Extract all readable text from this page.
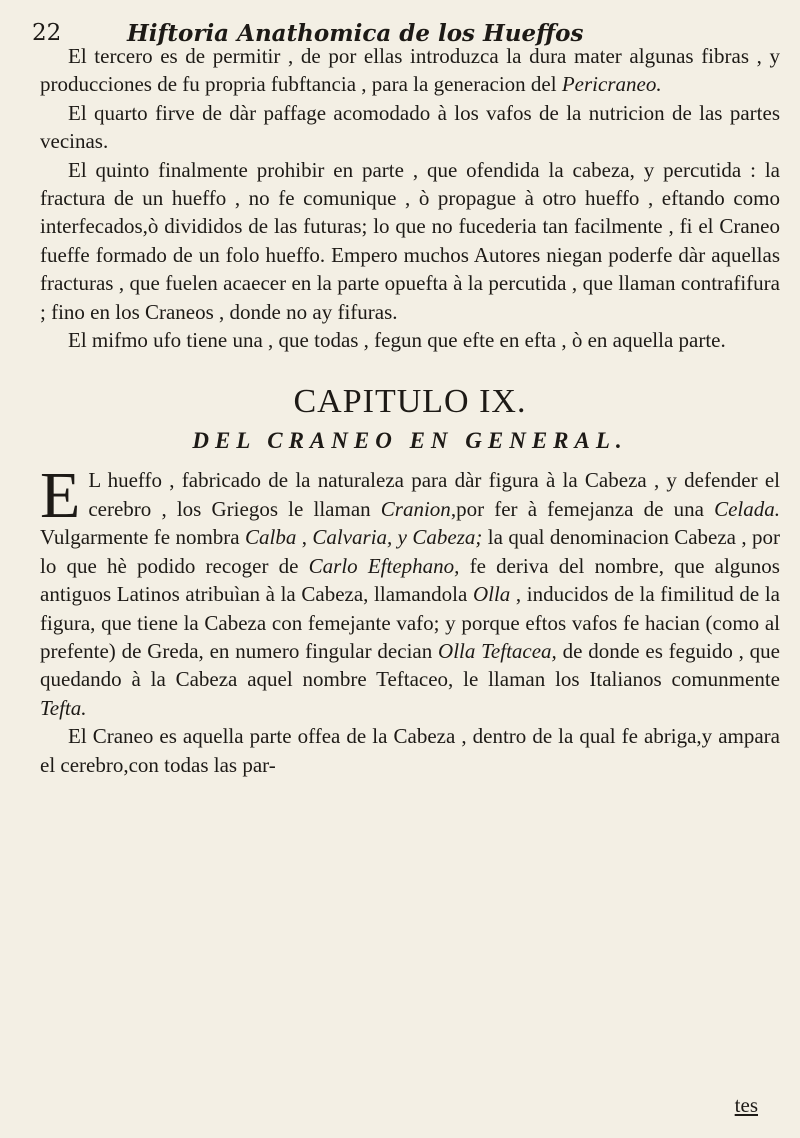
22	Hiftoria Anathomica de los Hueffos

El tercero es de permitir , de por ellas introduzca la dura mater algunas fibras , y producciones de fu propria fubftancia , para la generacion del Pericraneo.

El quarto firve de dàr paffage acomodado à los vafos de la nutricion de las partes vecinas.

El quinto finalmente prohibir en parte , que ofendida la cabeza, y percutida : la fractura de un hueffo , no fe comunique , ò propague à otro hueffo , eftando como interfecados,ò divididos de las futuras; lo que no fucederia tan facilmente , fi el Craneo fueffe formado de un folo hueffo. Empero muchos Autores niegan poderfe dàr aquellas fracturas , que fuelen acaecer en la parte opuefta à la percutida , que llaman contrafifura ; fino en los Craneos , donde no ay fifuras.

El mifmo ufo tiene una , que todas , fegun que efte en efta , ò en aquella parte.

CAPITULO IX.
DEL CRANEO EN GENERAL.

E L hueffo , fabricado de la naturaleza para dàr figura à la Cabeza , y defender el cerebro , los Griegos le llaman Cranion,por fer à femejanza de una Celada. Vulgarmente fe nombra Calba , Calvaria, y Cabeza; la qual denominacion Cabeza , por lo que hè podido recoger de Carlo Eftephano, fe deriva del nombre, que algunos antiguos Latinos atribuìan à la Cabeza, llamandola Olla , inducidos de la fimilitud de la figura, que tiene la Cabeza con femejante vafo; y porque eftos vafos fe hacian (como al prefente) de Greda, en numero fingular decian Olla Teftacea, de donde es feguido , que quedando à la Cabeza aquel nombre Teftaceo, le llaman los Italianos comunmente Tefta.

El Craneo es aquella parte offea de la Cabeza , dentro de la qual fe abriga,y ampara el cerebro,con todas las par-

tes
